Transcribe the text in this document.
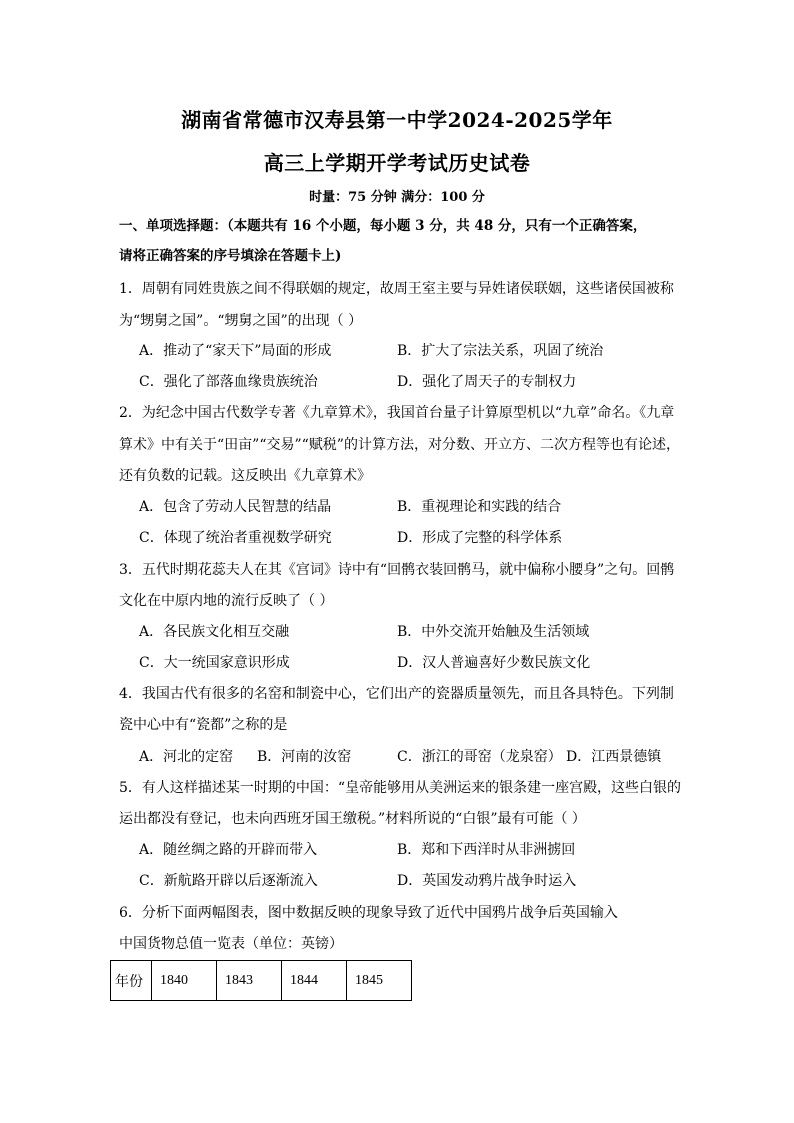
湖南省常德市汉寿县第一中学2024-2025学年
高三上学期开学考试历史试卷
时量：75 分钟 满分：100 分
一、单项选择题：（本题共有 16 个小题，每小题 3 分，共 48 分，只有一个正确答案，
请将正确答案的序号填涂在答题卡上)
1．周朝有同姓贵族之间不得联姻的规定，故周王室主要与异姓诸侯联姻，这些诸侯国被称
为“甥舅之国”。“甥舅之国”的出现（ ）
A．推动了“家天下”局面的形成	B．扩大了宗法关系，巩固了统治
C．强化了部落血缘贵族统治	D．强化了周天子的专制权力
2．为纪念中国古代数学专著《九章算术》，我国首台量子计算原型机以“九章”命名。《九章
算术》中有关于“田亩”“交易”“赋税”的计算方法，对分数、开立方、二次方程等也有论述，
还有负数的记载。这反映出《九章算术》
A．包含了劳动人民智慧的结晶	B．重视理论和实践的结合
C．体现了统治者重视数学研究	D．形成了完整的科学体系
3．五代时期花蕊夫人在其《宫词》诗中有“回鹘衣装回鹘马，就中偏称小腰身”之句。回鹘
文化在中原内地的流行反映了（ ）
A．各民族文化相互交融	B．中外交流开始触及生活领域
C．大一统国家意识形成	D．汉人普遍喜好少数民族文化
4．我国古代有很多的名窑和制瓷中心，它们出产的瓷器质量领先，而且各具特色。下列制
瓷中心中有“瓷都”之称的是
A．河北的定窑 B．河南的汝窑	C．浙江的哥窑（龙泉窑） D．江西景德镇
5．有人这样描述某一时期的中国：“皇帝能够用从美洲运来的银条建一座宫殿，这些白银的
运出都没有登记，也未向西班牙国王缴税。”材料所说的“白银”最有可能（ ）
A．随丝绸之路的开辟而带入	B．郑和下西洋时从非洲掳回
C．新航路开辟以后逐渐流入	D．英国发动鸦片战争时运入
6．分析下面两幅图表，图中数据反映的现象导致了近代中国鸦片战争后英国输入
中国货物总值一览表（单位：英镑）
年份	1840	1843	1844	1845
